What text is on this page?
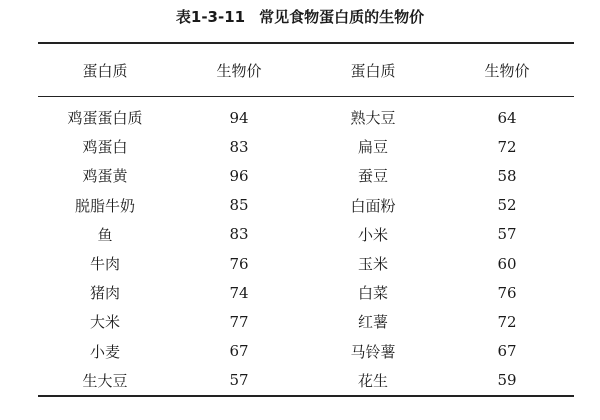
表1-3-11 常见食物蛋白质的生物价
蛋白质	生物价	蛋白质	生物价
鸡蛋蛋白质	94	熟大豆	64
鸡蛋白	83	扁豆	72
鸡蛋黄	96	蚕豆	58
脱脂牛奶	85	白面粉	52
鱼	83	小米	57
牛肉	76	玉米	60
猪肉	74	白菜	76
大米	77	红薯	72
小麦	67	马铃薯	67
生大豆	57	花生	59
